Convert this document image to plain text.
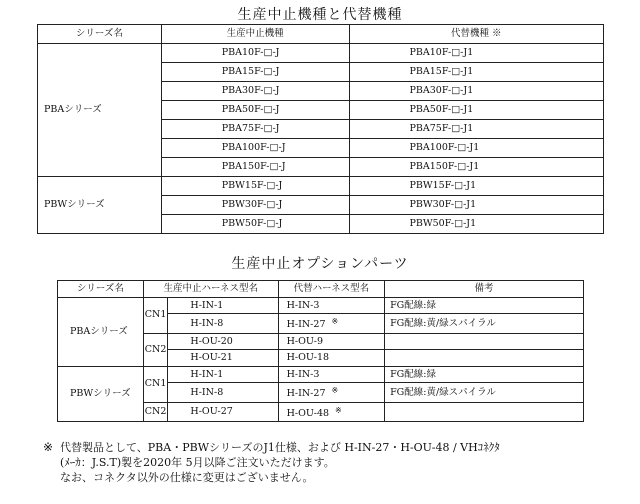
生産中止機種と代替機種
シリーズ名	生産中止機種	代替機種 ※
PBAシリーズ	PBA10F-□-J	PBA10F-□-J1
	PBA15F-□-J	PBA15F-□-J1
	PBA30F-□-J	PBA30F-□-J1
	PBA50F-□-J	PBA50F-□-J1
	PBA75F-□-J	PBA75F-□-J1
	PBA100F-□-J	PBA100F-□-J1
	PBA150F-□-J	PBA150F-□-J1
PBWシリーズ	PBW15F-□-J	PBW15F-□-J1
	PBW30F-□-J	PBW30F-□-J1
	PBW50F-□-J	PBW50F-□-J1
生産中止オプションパーツ
シリーズ名	生産中止ハーネス型名		代替ハーネス型名	備考
PBAシリーズ	CN1	H-IN-1	H-IN-3	FG配線:緑
		H-IN-8	H-IN-27 ※	FG配線:黄/緑スパイラル
	CN2	H-OU-20	H-OU-9	
		H-OU-21	H-OU-18	
PBWシリーズ	CN1	H-IN-1	H-IN-3	FG配線:緑
		H-IN-8	H-IN-27 ※	FG配線:黄/緑スパイラル
	CN2	H-OU-27	H-OU-48 ※	
※ 代替製品として、PBA・PBWシリーズのJ1仕様、および H-IN-27・H-OU-48 / VHｺﾈｸﾀ
(ﾒｰｶ：J.S.T)製を2020年 5月以降ご注文いただけます。
なお、コネクタ以外の仕様に変更はございません。
